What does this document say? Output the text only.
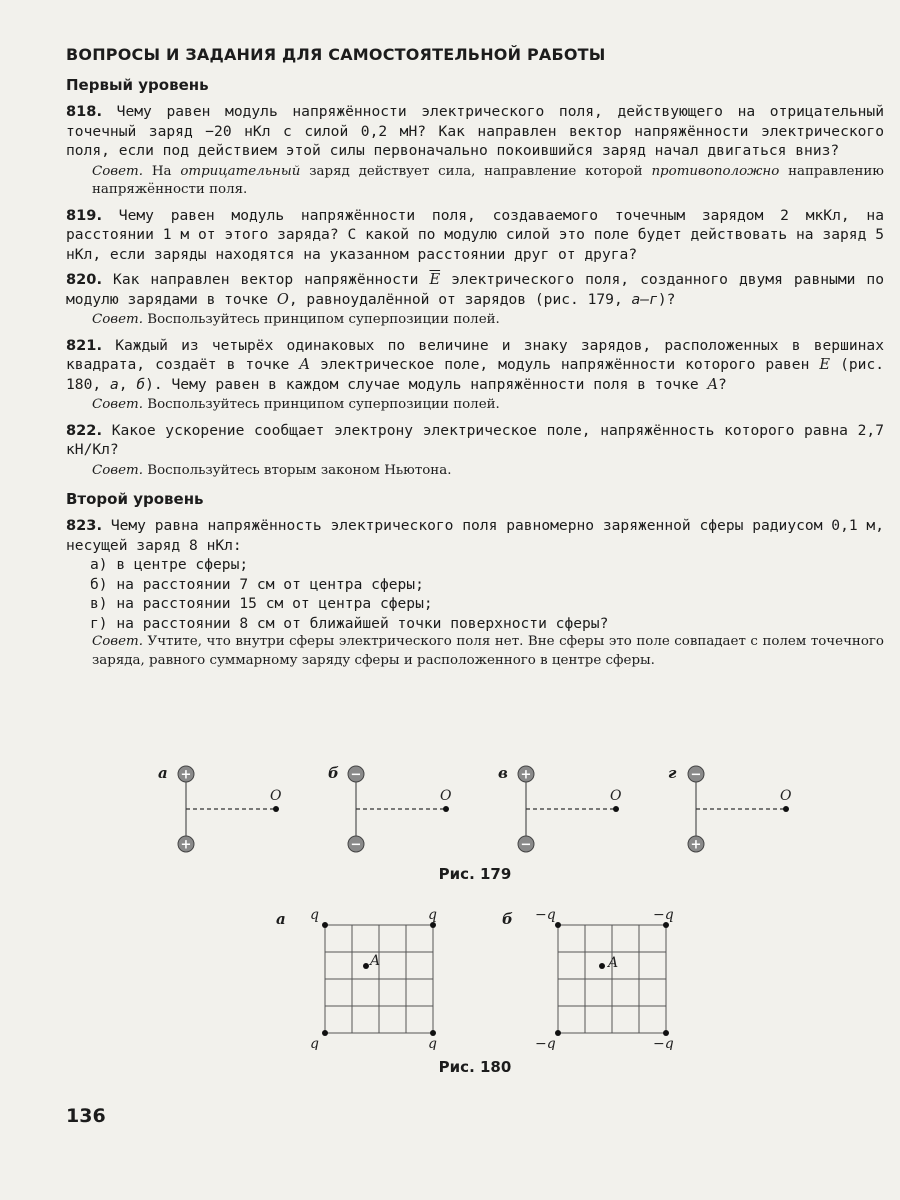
ВОПРОСЫ И ЗАДАНИЯ ДЛЯ САМОСТОЯТЕЛЬНОЙ РАБОТЫ
Первый уровень

818. Чему равен модуль напряжённости электрического поля, действующего на отрицательный точечный заряд −20 нКл с силой 0,2 мН? Как направлен вектор напряжённости электрического поля, если под действием этой силы первоначально покоившийся заряд начал двигаться вниз?

Совет. На отрицательный заряд действует сила, направление которой противоположно направлению напряжённости поля.

819. Чему равен модуль напряжённости поля, создаваемого точечным зарядом 2 мкКл, на расстоянии 1 м от этого заряда? С какой по модулю силой это поле будет действовать на заряд 5 нКл, если заряды находятся на указанном расстоянии друг от друга?

820. Как направлен вектор напряжённости $\overline{E}$ электрического поля, созданного двумя равными по модулю зарядами в точке O, равноудалённой от зарядов (рис. 179, а—г)?

Совет. Воспользуйтесь принципом суперпозиции полей.

821. Каждый из четырёх одинаковых по величине и знаку зарядов, расположенных в вершинах квадрата, создаёт в точке A электрическое поле, модуль напряжённости которого равен E (рис. 180, а, б). Чему равен в каждом случае модуль напряжённости поля в точке A?

Совет. Воспользуйтесь принципом суперпозиции полей.

822. Какое ускорение сообщает электрону электрическое поле, напряжённость которого равна 2,7 кН/Кл?

Совет. Воспользуйтесь вторым законом Ньютона.

Второй уровень

823. Чему равна напряжённость электрического поля равномерно заряженной сферы радиусом 0,1 м, несущей заряд 8 нКл:

а) в центре сферы;
б) на расстоянии 7 см от центра сферы;
в) на расстоянии 15 см от центра сферы;
г) на расстоянии 8 см от ближайшей точки поверхности сферы?

Совет. Учтите, что внутри сферы электрического поля нет. Вне сферы это поле совпадает с полем точечного заряда, равного суммарному заряду сферы и расположенного в центре сферы.

а +
+
O
б −
−
O
в +
−
O
г −
+
O
Рис. 179
а
A
q	q
q	q
A
−q	−q
−q	−q
б
Рис. 180
136
